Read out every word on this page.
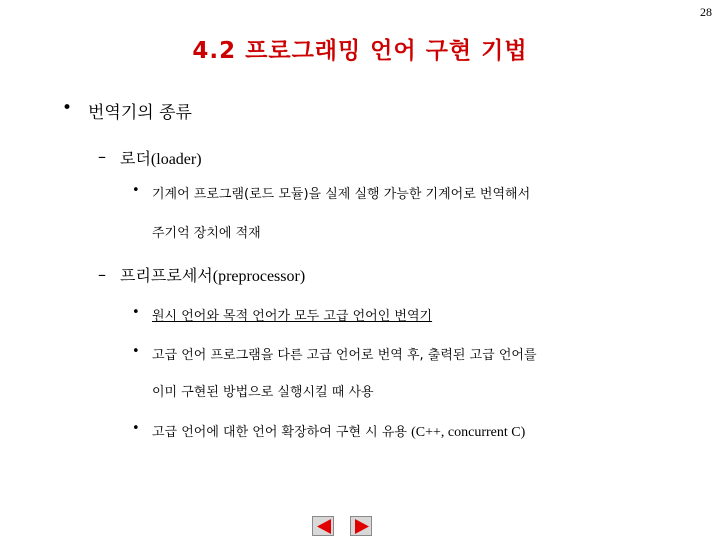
28
4.2 프로그래밍 언어 구현 기법
• 번역기의 종류
– 로더(loader)
• 기계어 프로그램(로드 모듈)을 실제 실행 가능한 기계어로 번역해서
주기억 장치에 적재
– 프리프로세서(preprocessor)
• 원시 언어와 목적 언어가 모두 고급 언어인 번역기
• 고급 언어 프로그램을 다른 고급 언어로 번역 후, 출력된 고급 언어를
이미 구현된 방법으로 실행시킬 때 사용
• 고급 언어에 대한 언어 확장하여 구현 시 유용 (C++, concurrent C)
